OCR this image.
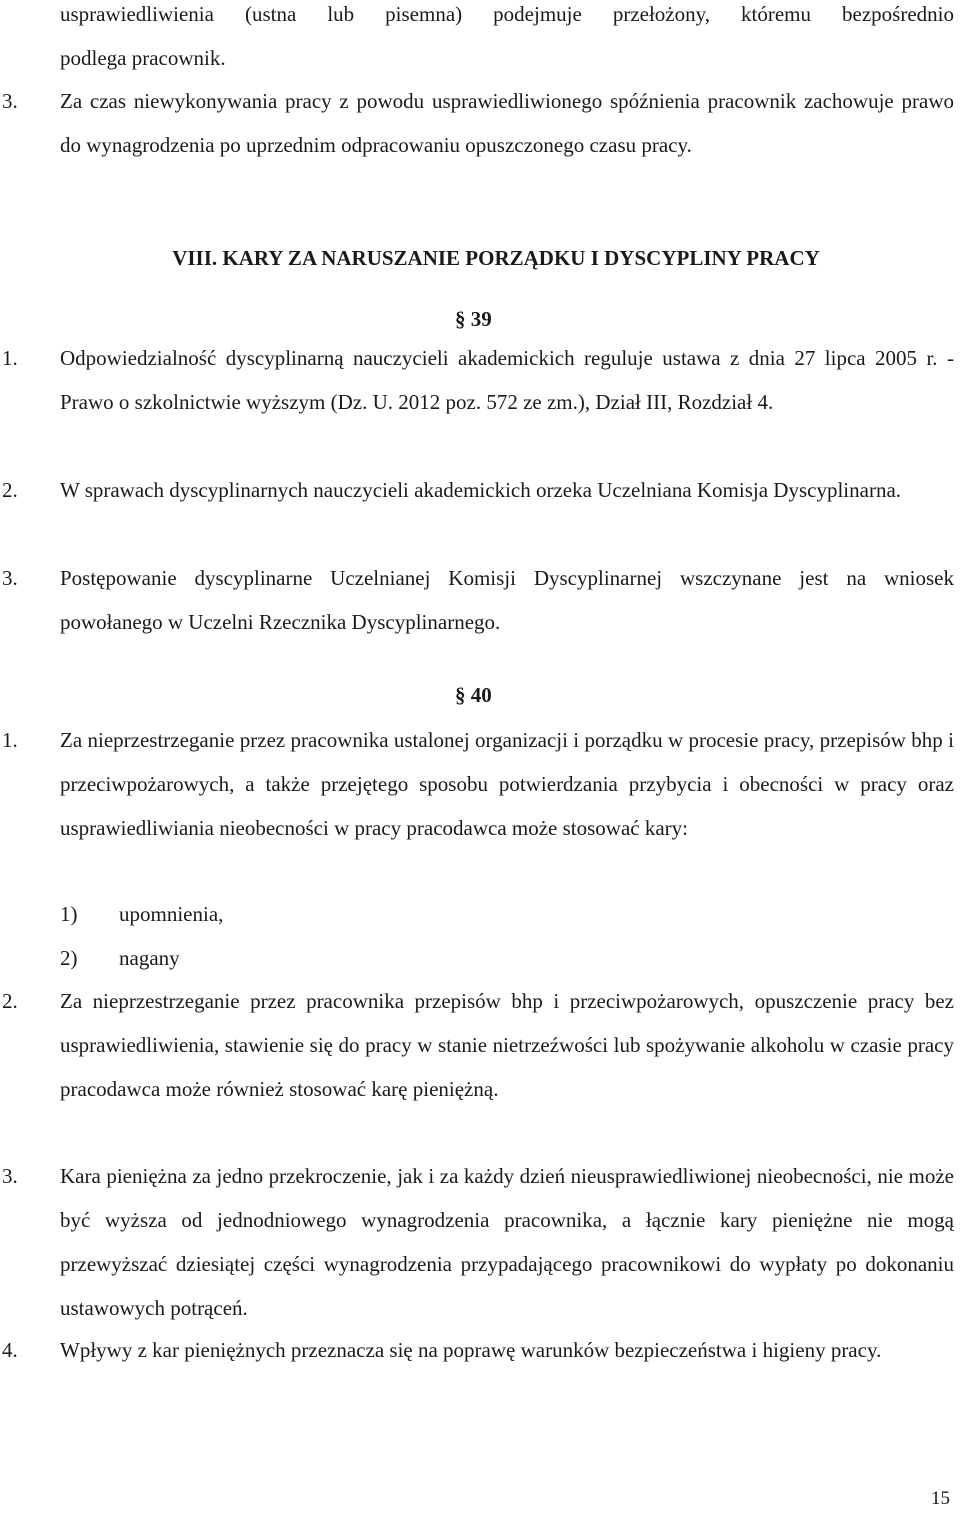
usprawiedliwienia (ustna lub pisemna) podejmuje przełożony, któremu bezpośrednio
podlega pracownik.
3. Za czas niewykonywania pracy z powodu usprawiedliwionego spóźnienia pracownik zachowuje prawo do wynagrodzenia po uprzednim odpracowaniu opuszczonego czasu pracy.
VIII. KARY ZA NARUSZANIE PORZĄDKU I DYSCYPLINY PRACY
§ 39
1. Odpowiedzialność dyscyplinarną nauczycieli akademickich reguluje ustawa z dnia 27 lipca 2005 r. - Prawo o szkolnictwie wyższym (Dz. U. 2012 poz. 572 ze zm.), Dział III, Rozdział 4.
2. W sprawach dyscyplinarnych nauczycieli akademickich orzeka Uczelniana Komisja Dyscyplinarna.
3. Postępowanie dyscyplinarne Uczelnianej Komisji Dyscyplinarnej wszczynane jest na wniosek powołanego w Uczelni Rzecznika Dyscyplinarnego.
§ 40
1. Za nieprzestrzeganie przez pracownika ustalonej organizacji i porządku w procesie pracy, przepisów bhp i przeciwpożarowych, a także przejętego sposobu potwierdzania przybycia i obecności w pracy oraz usprawiedliwiania nieobecności w pracy pracodawca może stosować kary:
1) upomnienia,
2) nagany
2. Za nieprzestrzeganie przez pracownika przepisów bhp i przeciwpożarowych, opuszczenie pracy bez usprawiedliwienia, stawienie się do pracy w stanie nietrzeźwości lub spożywanie alkoholu w czasie pracy pracodawca może również stosować karę pieniężną.
3. Kara pieniężna za jedno przekroczenie, jak i za każdy dzień nieusprawiedliwionej nieobecności, nie może być wyższa od jednodniowego wynagrodzenia pracownika, a łącznie kary pieniężne nie mogą przewyższać dziesiątej części wynagrodzenia przypadającego pracownikowi do wypłaty po dokonaniu ustawowych potrąceń.
4. Wpływy z kar pieniężnych przeznacza się na poprawę warunków bezpieczeństwa i higieny pracy.
15
